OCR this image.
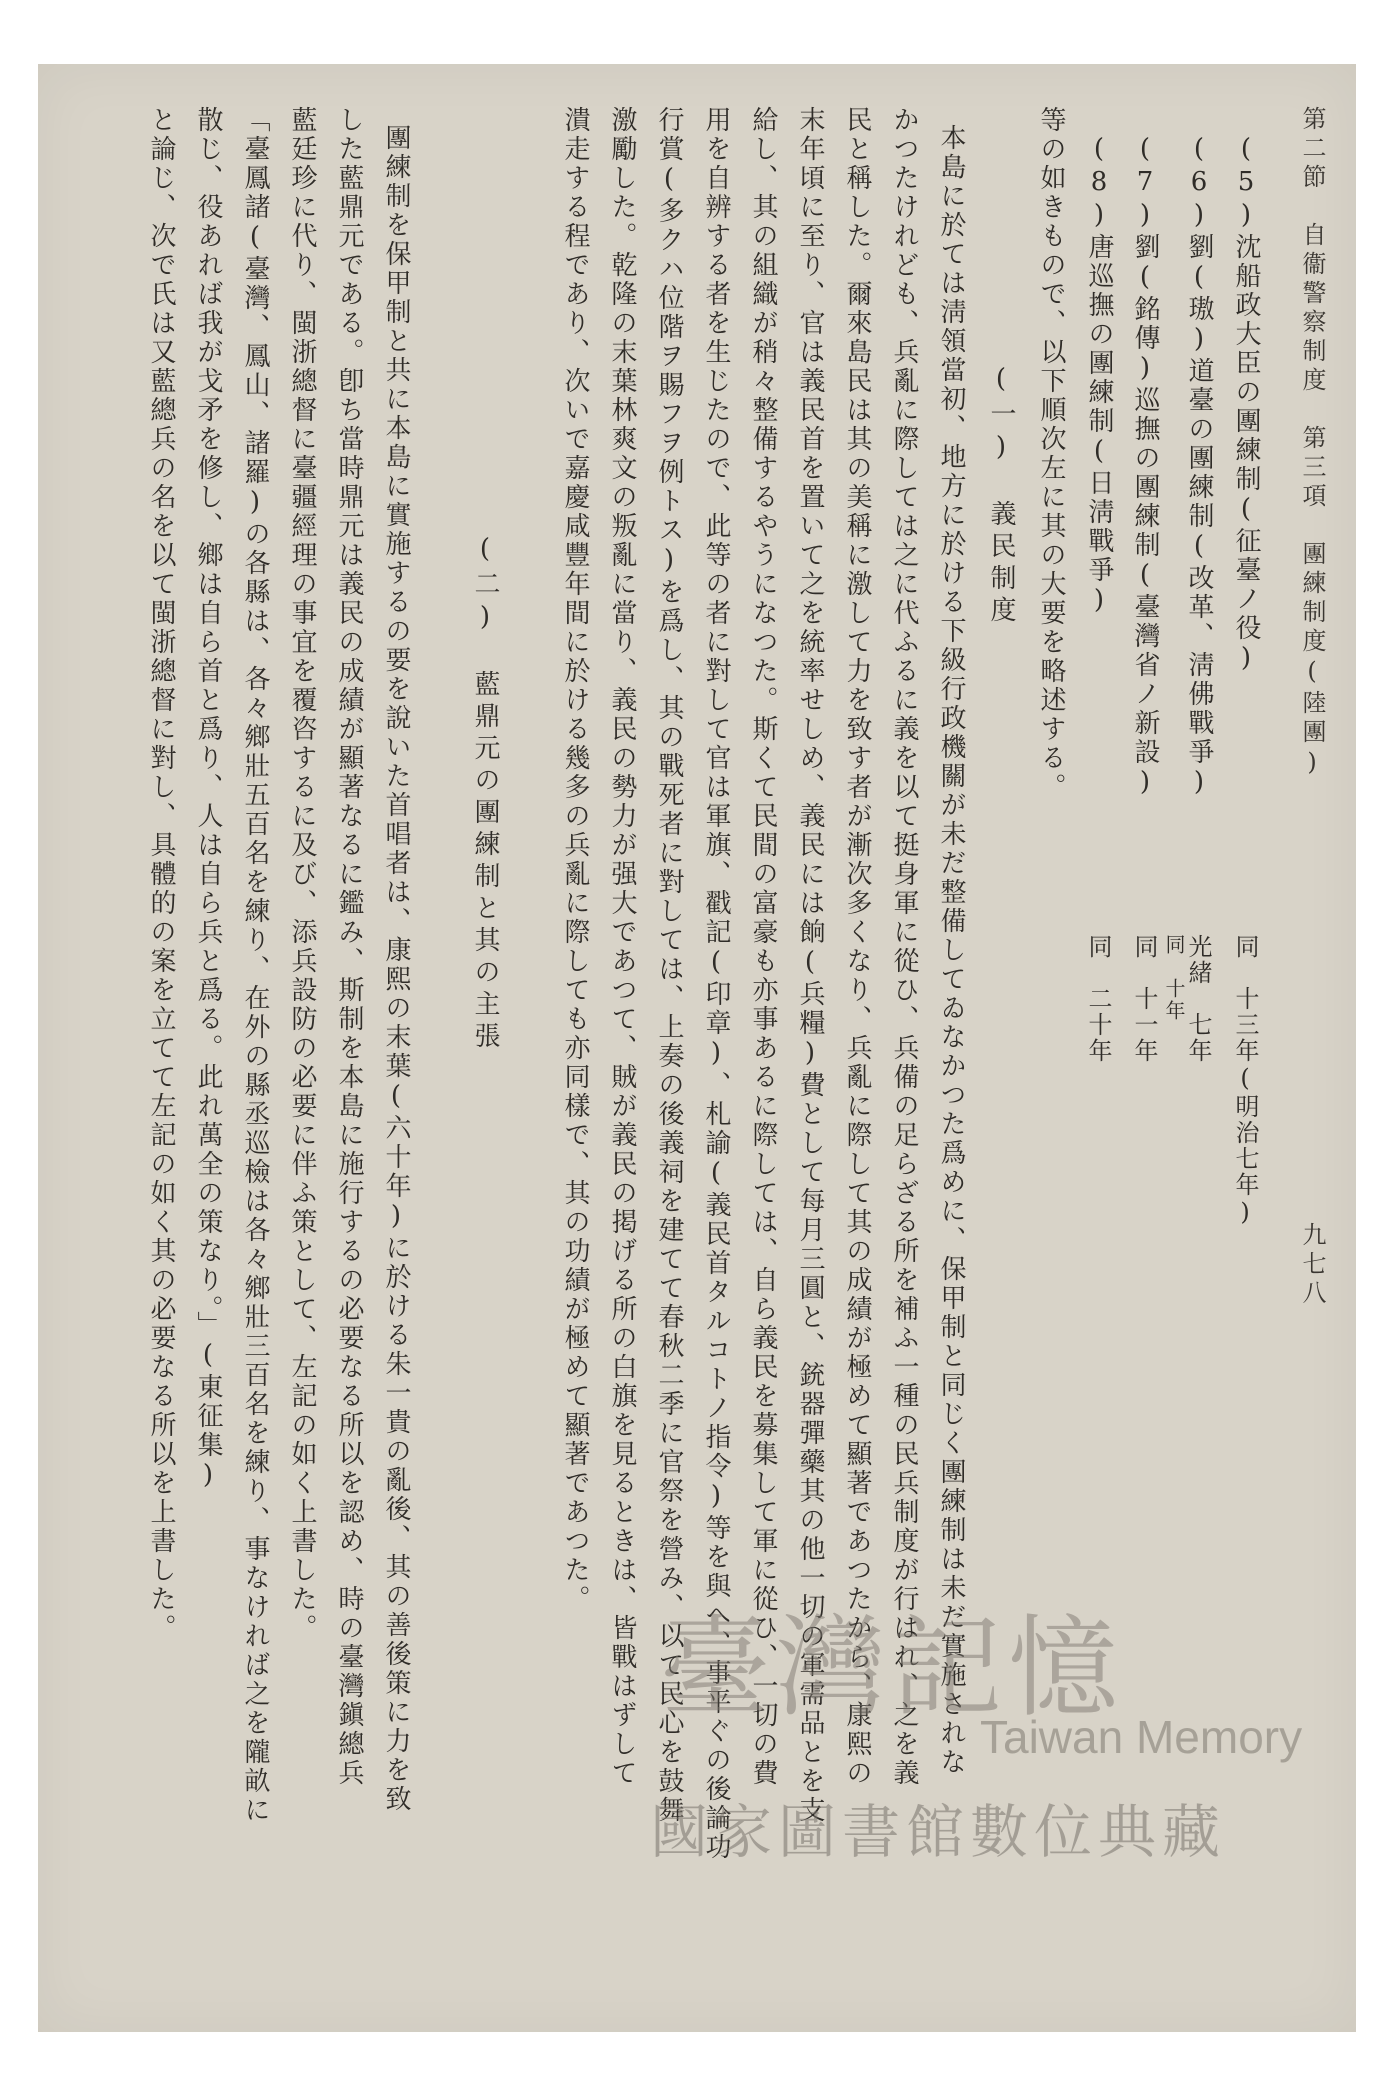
第二節　自衞警察制度　第三項　團練制度(陸團)
九七八
(5)沈船政大臣の團練制(征臺ノ役)
同　十三年(明治七年)
(6)劉(璈)道臺の團練制(改革、淸佛戰爭)
光緒　七年
同　十年
(7)劉(銘傳)巡撫の團練制(臺灣省ノ新設)
同　十一年
(8)唐巡撫の團練制(日淸戰爭)
同　二十年
等の如きもので、以下順次左に其の大要を略述する。
(一)　義民制度
本島に於ては淸領當初、地方に於ける下級行政機關が未だ整備してゐなかつた爲めに、保甲制と同じく團練制は未だ實施されな
かつたけれども、兵亂に際しては之に代ふるに義を以て挺身軍に從ひ、兵備の足らざる所を補ふ一種の民兵制度が行はれ、之を義
民と稱した。爾來島民は其の美稱に激して力を致す者が漸次多くなり、兵亂に際して其の成績が極めて顯著であつたから、康熙の
末年頃に至り、官は義民首を置いて之を統率せしめ、義民には餉(兵糧)費として每月三圓と、銃器彈藥其の他一切の軍需品とを支
給し、其の組織が稍々整備するやうになつた。斯くて民間の富豪も亦事あるに際しては、自ら義民を募集して軍に從ひ、一切の費
用を自辨する者を生じたので、此等の者に對して官は軍旗、戳記(印章)、札諭(義民首タルコトノ指令)等を與へ、事平ぐの後論功
行賞(多クハ位階ヲ賜フヲ例トス)を爲し、其の戰死者に對しては、上奏の後義祠を建てて春秋二季に官祭を營み、以て民心を鼓舞
激勵した。乾隆の末葉林爽文の叛亂に當り、義民の勢力が强大であつて、賊が義民の掲げる所の白旗を見るときは、皆戰はずして
潰走する程であり、次いで嘉慶咸豐年間に於ける幾多の兵亂に際しても亦同樣で、其の功績が極めて顯著であつた。
(二)　藍鼎元の團練制と其の主張
團練制を保甲制と共に本島に實施するの要を說いた首唱者は、康熙の末葉(六十年)に於ける朱一貴の亂後、其の善後策に力を致
した藍鼎元である。卽ち當時鼎元は義民の成績が顯著なるに鑑み、斯制を本島に施行するの必要なる所以を認め、時の臺灣鎭總兵
藍廷珍に代り、閩浙總督に臺疆經理の事宜を覆咨するに及び、添兵設防の必要に伴ふ策として、左記の如く上書した。
「臺鳳諸(臺灣、鳳山、諸羅)の各縣は、各々鄉壯五百名を練り、在外の縣丞巡檢は各々鄉壯三百名を練り、事なければ之を隴畝に
散じ、役あれば我が戈矛を修し、鄉は自ら首と爲り、人は自ら兵と爲る。此れ萬全の策なり。」(東征集)
と論じ、次で氏は又藍總兵の名を以て閩浙總督に對し、具體的の案を立てて左記の如く其の必要なる所以を上書した。
臺灣記憶
Taiwan Memory
國家圖書館數位典藏
